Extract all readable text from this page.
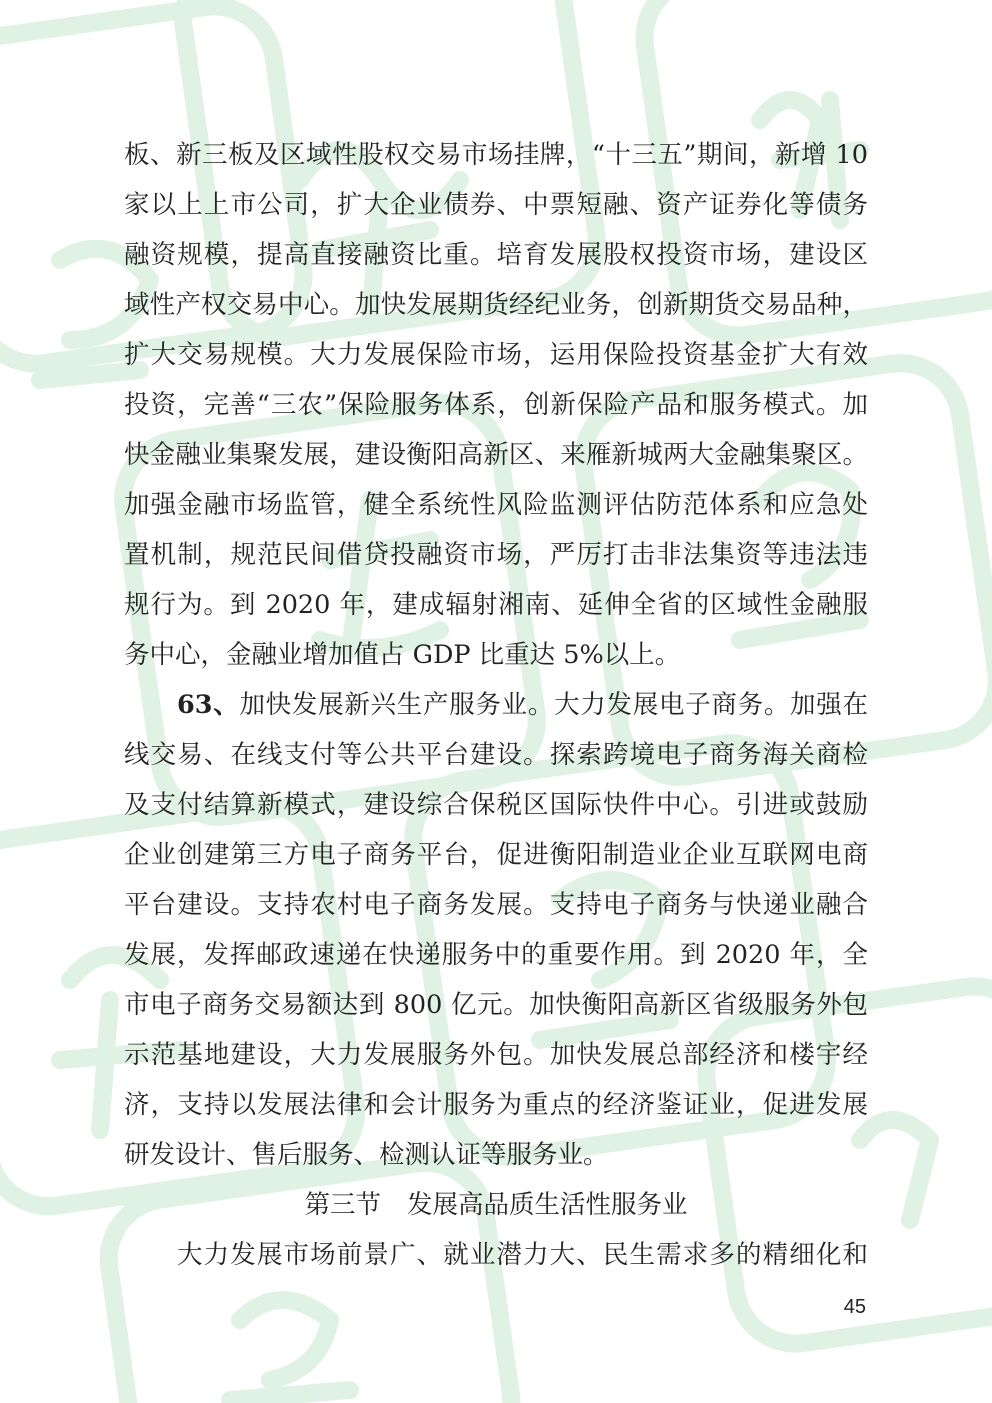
板、新三板及区域性股权交易市场挂牌，“十三五”期间，新增 10
家以上上市公司，扩大企业债券、中票短融、资产证券化等债务
融资规模，提高直接融资比重。培育发展股权投资市场，建设区
域性产权交易中心。加快发展期货经纪业务，创新期货交易品种，
扩大交易规模。大力发展保险市场，运用保险投资基金扩大有效
投资，完善“三农”保险服务体系，创新保险产品和服务模式。加
快金融业集聚发展，建设衡阳高新区、来雁新城两大金融集聚区。
加强金融市场监管，健全系统性风险监测评估防范体系和应急处
置机制，规范民间借贷投融资市场，严厉打击非法集资等违法违
规行为。到 2020 年，建成辐射湘南、延伸全省的区域性金融服
务中心，金融业增加值占 GDP 比重达 5%以上。
63、加快发展新兴生产服务业。大力发展电子商务。加强在
线交易、在线支付等公共平台建设。探索跨境电子商务海关商检
及支付结算新模式，建设综合保税区国际快件中心。引进或鼓励
企业创建第三方电子商务平台，促进衡阳制造业企业互联网电商
平台建设。支持农村电子商务发展。支持电子商务与快递业融合
发展，发挥邮政速递在快递服务中的重要作用。到 2020 年，全
市电子商务交易额达到 800 亿元。加快衡阳高新区省级服务外包
示范基地建设，大力发展服务外包。加快发展总部经济和楼宇经
济，支持以发展法律和会计服务为重点的经济鉴证业，促进发展
研发设计、售后服务、检测认证等服务业。
第三节 发展高品质生活性服务业
大力发展市场前景广、就业潜力大、民生需求多的精细化和
45
